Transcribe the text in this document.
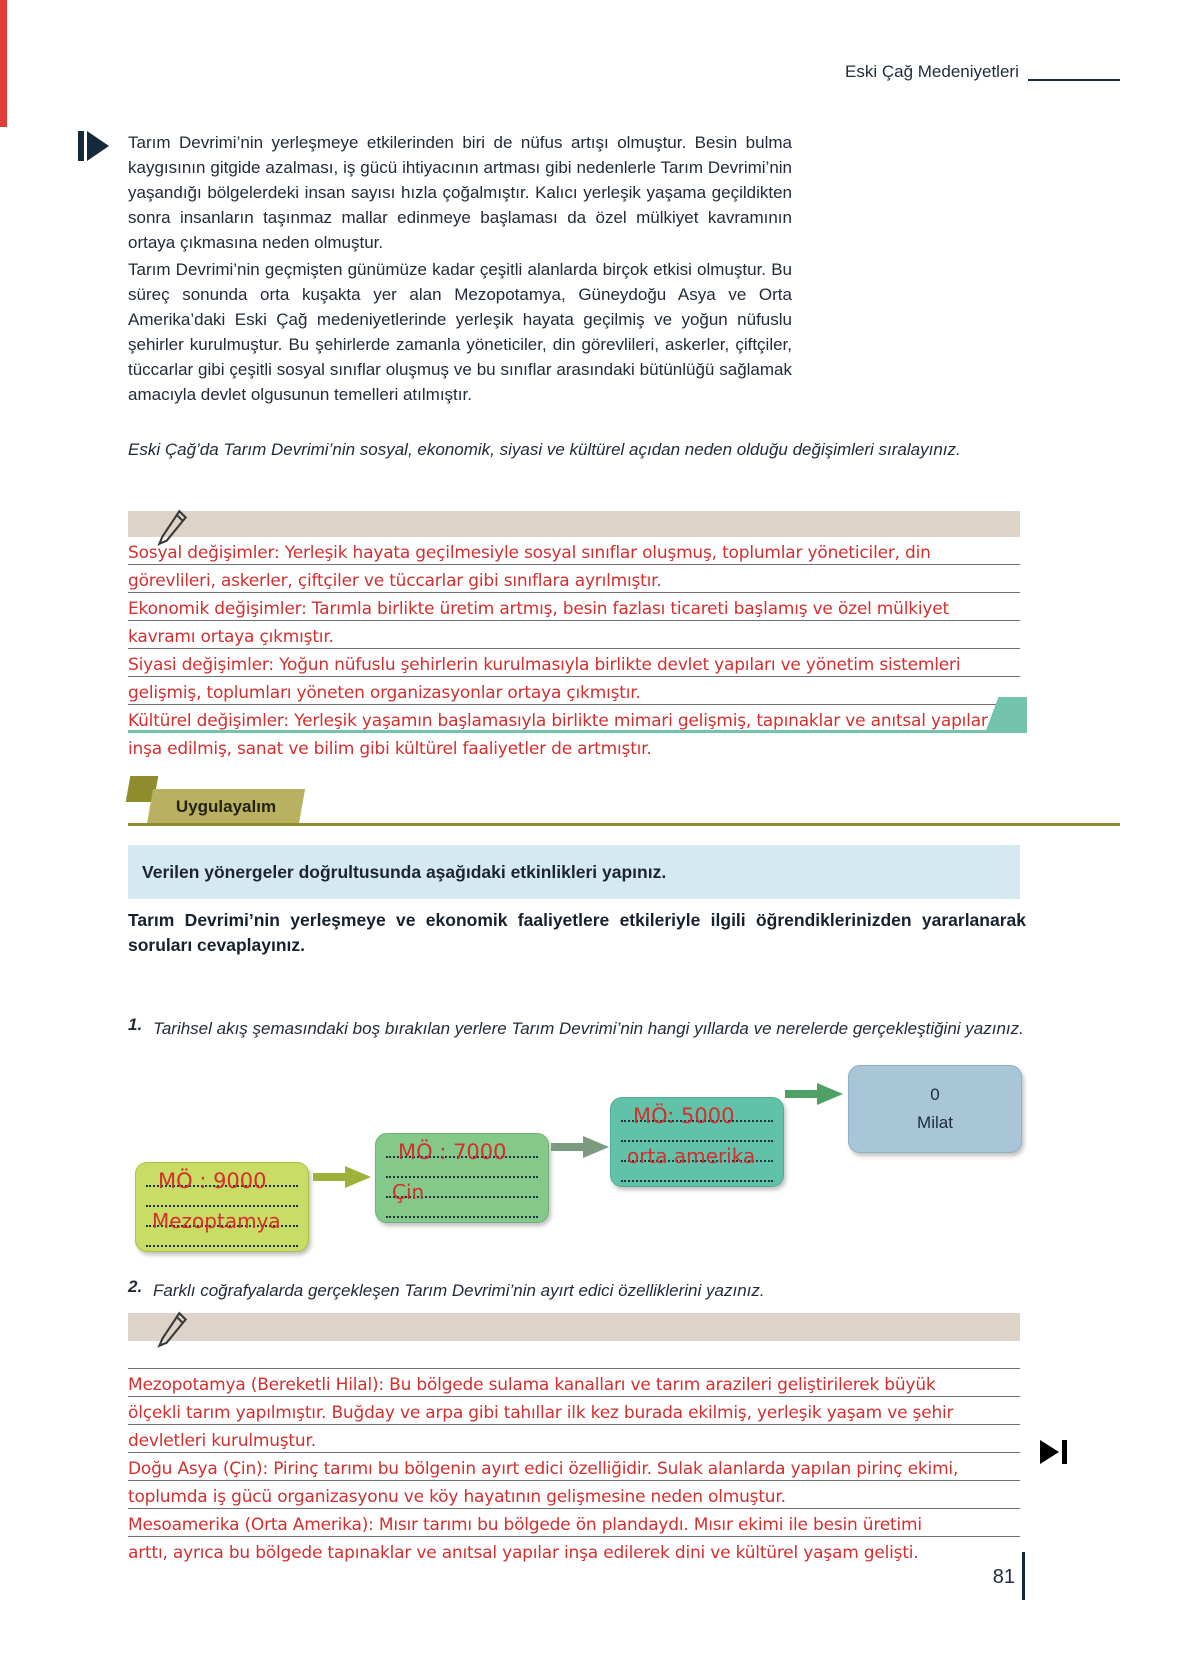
Eski Çağ Medeniyetleri
Tarım Devrimi’nin yerleşmeye etkilerinden biri de nüfus artışı olmuştur. Besin bulma kaygısının gitgide azalması, iş gücü ihtiyacının artması gibi nedenlerle Tarım Devrimi’nin yaşandığı bölgelerdeki insan sayısı hızla çoğalmıştır. Kalıcı yerleşik yaşama geçildikten sonra insanların taşınmaz mallar edinmeye başlaması da özel mülkiyet kavramının ortaya çıkmasına neden olmuştur.
Tarım Devrimi’nin geçmişten günümüze kadar çeşitli alanlarda birçok etkisi olmuştur. Bu süreç sonunda orta kuşakta yer alan Mezopotamya, Güneydoğu Asya ve Orta Amerika’daki Eski Çağ medeniyetlerinde yerleşik hayata geçilmiş ve yoğun nüfuslu şehirler kurulmuştur. Bu şehirlerde zamanla yöneticiler, din görevlileri, askerler, çiftçiler, tüccarlar gibi çeşitli sosyal sınıflar oluşmuş ve bu sınıflar arasındaki bütünlüğü sağlamak amacıyla devlet olgusunun temelleri atılmıştır.
Eski Çağ’da Tarım Devrimi’nin sosyal, ekonomik, siyasi ve kültürel açıdan neden olduğu değişimleri sıralayınız.
Sosyal değişimler: Yerleşik hayata geçilmesiyle sosyal sınıflar oluşmuş, toplumlar yöneticiler, din
görevlileri, askerler, çiftçiler ve tüccarlar gibi sınıflara ayrılmıştır.
Ekonomik değişimler: Tarımla birlikte üretim artmış, besin fazlası ticareti başlamış ve özel mülkiyet
kavramı ortaya çıkmıştır.
Siyasi değişimler: Yoğun nüfuslu şehirlerin kurulmasıyla birlikte devlet yapıları ve yönetim sistemleri
gelişmiş, toplumları yöneten organizasyonlar ortaya çıkmıştır.
Kültürel değişimler: Yerleşik yaşamın başlamasıyla birlikte mimari gelişmiş, tapınaklar ve anıtsal yapılar
inşa edilmiş, sanat ve bilim gibi kültürel faaliyetler de artmıştır.
Uygulayalım
Verilen yönergeler doğrultusunda aşağıdaki etkinlikleri yapınız.
Tarım Devrimi’nin yerleşmeye ve ekonomik faaliyetlere etkileriyle ilgili öğrendiklerinizden yararlanarak soruları cevaplayınız.
1. Tarihsel akış şemasındaki boş bırakılan yerlere Tarım Devrimi’nin hangi yıllarda ve nerelerde gerçekleştiğini yazınız.
MÖ : 9000
Mezoptamya
MÖ : 7000
Çin
MÖ: 5000
orta amerika
0
Milat
2. Farklı coğrafyalarda gerçekleşen Tarım Devrimi’nin ayırt edici özelliklerini yazınız.
Mezopotamya (Bereketli Hilal): Bu bölgede sulama kanalları ve tarım arazileri geliştirilerek büyük
ölçekli tarım yapılmıştır. Buğday ve arpa gibi tahıllar ilk kez burada ekilmiş, yerleşik yaşam ve şehir
devletleri kurulmuştur.
Doğu Asya (Çin): Pirinç tarımı bu bölgenin ayırt edici özelliğidir. Sulak alanlarda yapılan pirinç ekimi,
toplumda iş gücü organizasyonu ve köy hayatının gelişmesine neden olmuştur.
Mesoamerika (Orta Amerika): Mısır tarımı bu bölgede ön plandaydı. Mısır ekimi ile besin üretimi
arttı, ayrıca bu bölgede tapınaklar ve anıtsal yapılar inşa edilerek dini ve kültürel yaşam gelişti.
81
